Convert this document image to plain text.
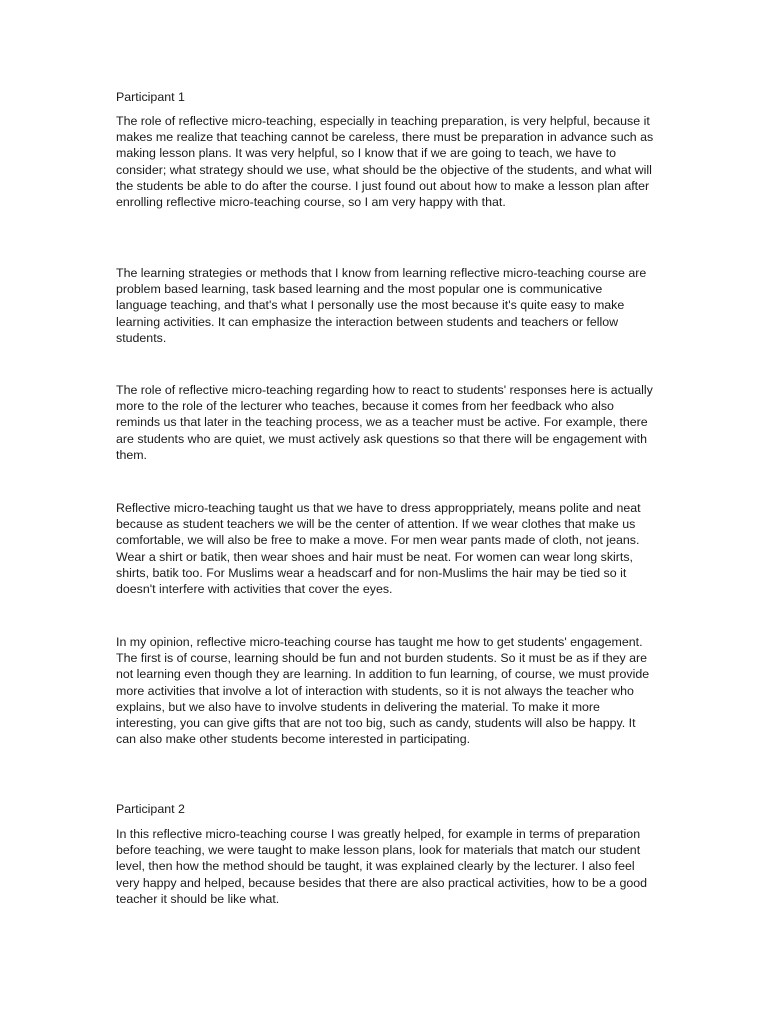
Participant 1

The role of reflective micro-teaching, especially in teaching preparation, is very helpful, because it makes me realize that teaching cannot be careless, there must be preparation in advance such as making lesson plans. It was very helpful, so I know that if we are going to teach, we have to consider; what strategy should we use, what should be the objective of the students, and what will the students be able to do after the course. I just found out about how to make a lesson plan after enrolling reflective micro-teaching course, so I am very happy with that.

The learning strategies or methods that I know from learning reflective micro-teaching course are problem based learning, task based learning and the most popular one is communicative language teaching, and that's what I personally use the most because it's quite easy to make learning activities. It can emphasize the interaction between students and teachers or fellow students.

The role of reflective micro-teaching regarding how to react to students' responses here is actually more to the role of the lecturer who teaches, because it comes from her feedback who also reminds us that later in the teaching process, we as a teacher must be active. For example, there are students who are quiet, we must actively ask questions so that there will be engagement with them.

Reflective micro-teaching taught us that we have to dress approppriately, means polite and neat because as student teachers we will be the center of attention. If we wear clothes that make us comfortable, we will also be free to make a move. For men wear pants made of cloth, not jeans. Wear a shirt or batik, then wear shoes and hair must be neat. For women can wear long skirts, shirts, batik too. For Muslims wear a headscarf and for non-Muslims the hair may be tied so it doesn't interfere with activities that cover the eyes.

In my opinion, reflective micro-teaching course has taught me how to get students' engagement. The first is of course, learning should be fun and not burden students. So it must be as if they are not learning even though they are learning. In addition to fun learning, of course, we must provide more activities that involve a lot of interaction with students, so it is not always the teacher who explains, but we also have to involve students in delivering the material. To make it more interesting, you can give gifts that are not too big, such as candy, students will also be happy. It can also make other students become interested in participating.

Participant 2

In this reflective micro-teaching course I was greatly helped, for example in terms of preparation before teaching, we were taught to make lesson plans, look for materials that match our student level, then how the method should be taught, it was explained clearly by the lecturer. I also feel very happy and helped, because besides that there are also practical activities, how to be a good teacher it should be like what.
